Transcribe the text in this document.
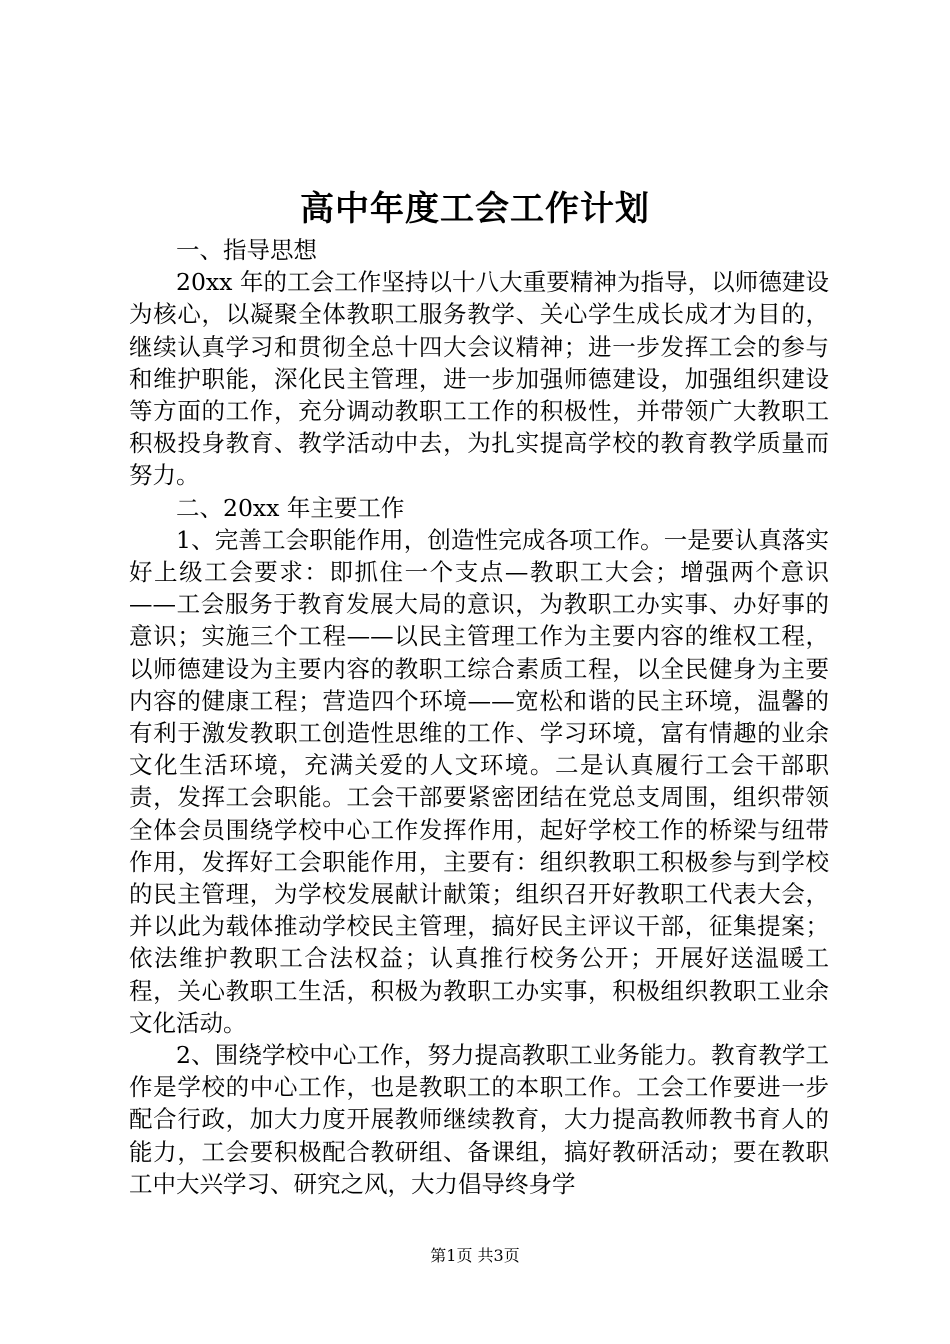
高中年度工会工作计划

一、指导思想

20xx 年的工会工作坚持以十八大重要精神为指导，以师德建设为核心，以凝聚全体教职工服务教学、关心学生成长成才为目的，继续认真学习和贯彻全总十四大会议精神；进一步发挥工会的参与和维护职能，深化民主管理，进一步加强师德建设，加强组织建设等方面的工作，充分调动教职工工作的积极性，并带领广大教职工积极投身教育、教学活动中去，为扎实提高学校的教育教学质量而努力。

二、20xx 年主要工作

1、完善工会职能作用，创造性完成各项工作。一是要认真落实好上级工会要求：即抓住一个支点—教职工大会；增强两个意识——工会服务于教育发展大局的意识，为教职工办实事、办好事的意识；实施三个工程——以民主管理工作为主要内容的维权工程，以师德建设为主要内容的教职工综合素质工程，以全民健身为主要内容的健康工程；营造四个环境——宽松和谐的民主环境，温馨的有利于激发教职工创造性思维的工作、学习环境，富有情趣的业余文化生活环境，充满关爱的人文环境。二是认真履行工会干部职责，发挥工会职能。工会干部要紧密团结在党总支周围，组织带领全体会员围绕学校中心工作发挥作用，起好学校工作的桥梁与纽带作用，发挥好工会职能作用，主要有：组织教职工积极参与到学校的民主管理，为学校发展献计献策；组织召开好教职工代表大会，并以此为载体推动学校民主管理，搞好民主评议干部，征集提案；依法维护教职工合法权益；认真推行校务公开；开展好送温暖工程，关心教职工生活，积极为教职工办实事，积极组织教职工业余文化活动。

2、围绕学校中心工作，努力提高教职工业务能力。教育教学工作是学校的中心工作，也是教职工的本职工作。工会工作要进一步配合行政，加大力度开展教师继续教育，大力提高教师教书育人的能力，工会要积极配合教研组、备课组，搞好教研活动；要在教职工中大兴学习、研究之风，大力倡导终身学

第1页 共3页
